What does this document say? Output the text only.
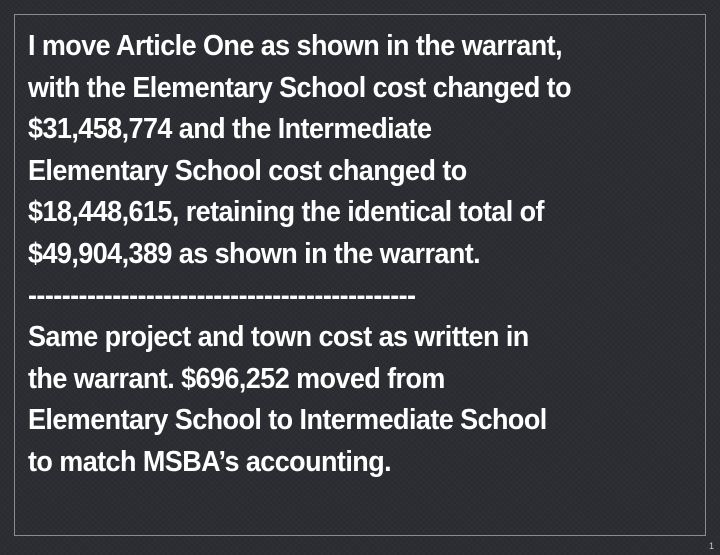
I move Article One as shown in the warrant,
with the Elementary School cost changed to
$31,458,774 and the Intermediate
Elementary School cost changed to
$18,448,615, retaining the identical total of
$49,904,389 as shown in the warrant.
----------------------------------------------
Same project and town cost as written in
the warrant. $696,252 moved from
Elementary School to Intermediate School
to match MSBA’s accounting.
1
